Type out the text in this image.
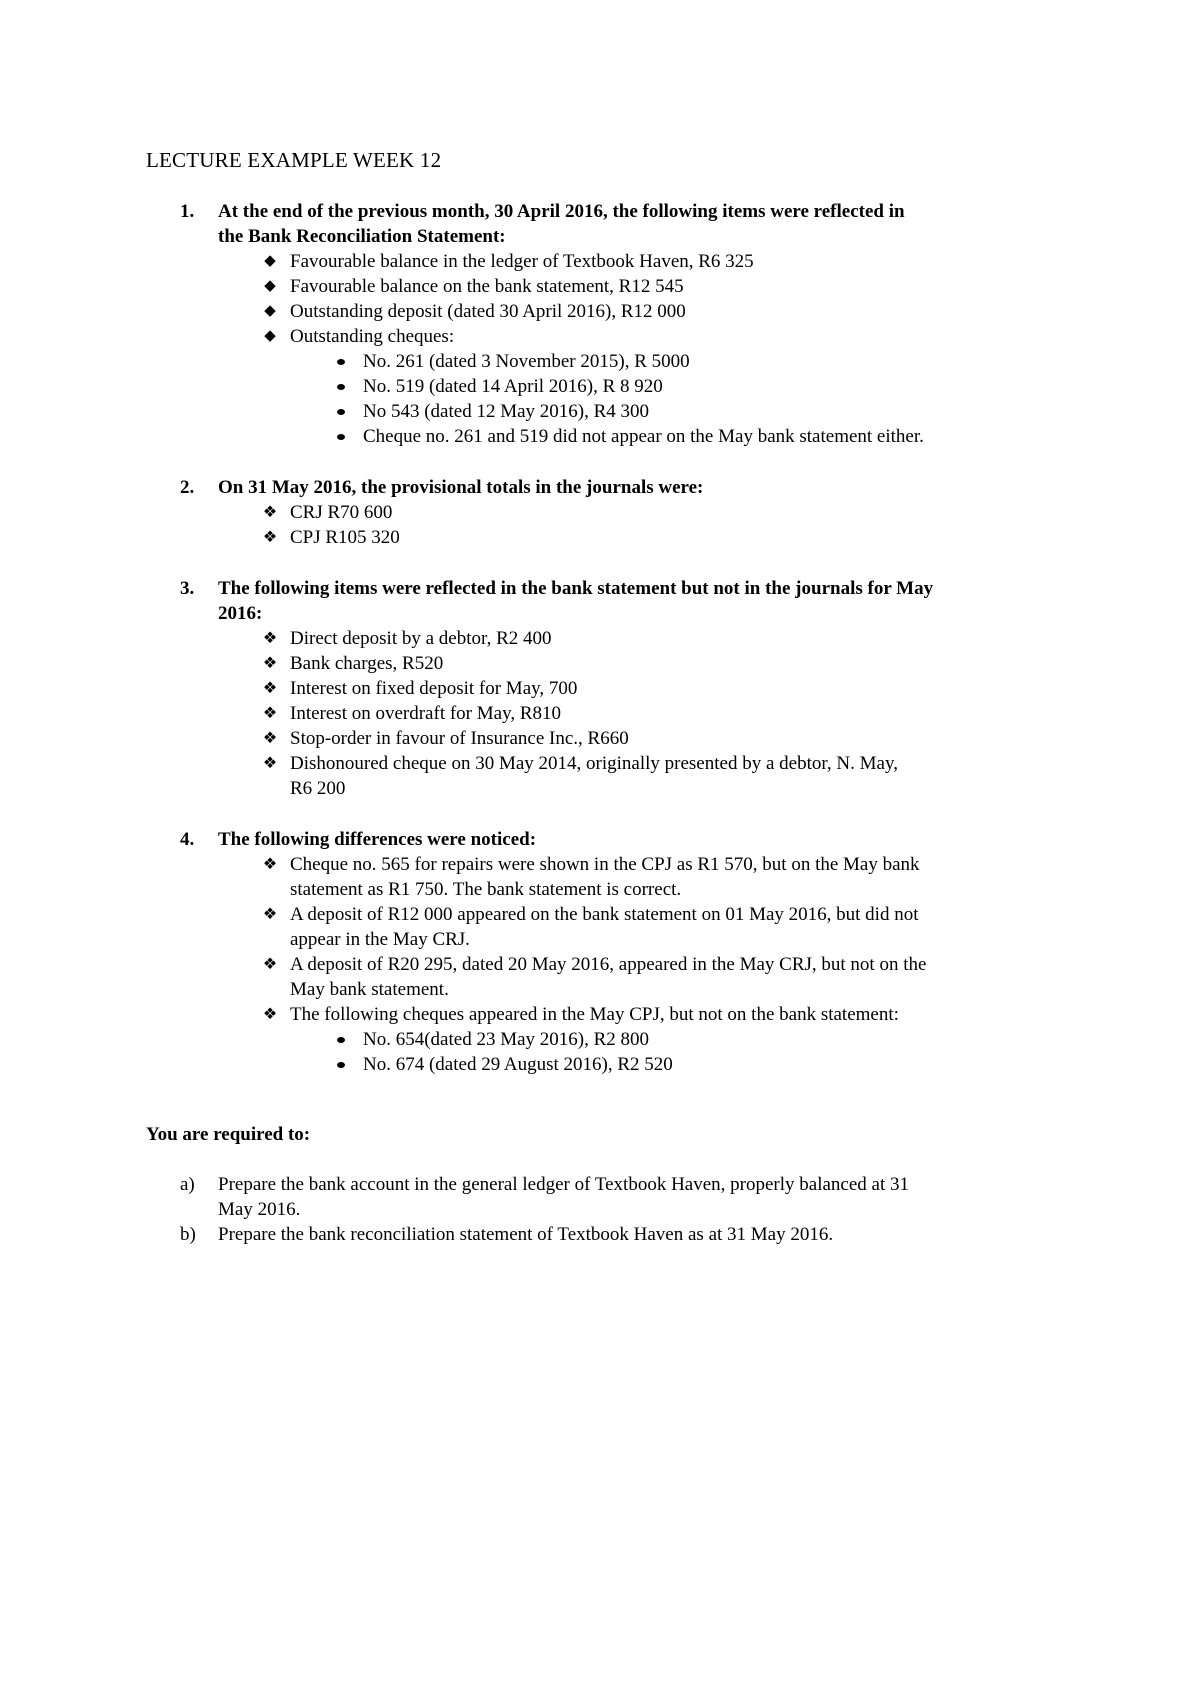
LECTURE EXAMPLE WEEK 12
1. At the end of the previous month, 30 April 2016, the following items were reflected in
the Bank Reconciliation Statement:
◆ Favourable balance in the ledger of Textbook Haven, R6 325
◆ Favourable balance on the bank statement, R12 545
◆ Outstanding deposit (dated 30 April 2016), R12 000
◆ Outstanding cheques:
No. 261 (dated 3 November 2015), R 5000
No. 519 (dated 14 April 2016), R 8 920
No 543 (dated 12 May 2016), R4 300
Cheque no. 261 and 519 did not appear on the May bank statement either.
2. On 31 May 2016, the provisional totals in the journals were:
❖ CRJ R70 600
❖ CPJ R105 320
3. The following items were reflected in the bank statement but not in the journals for May
2016:
❖ Direct deposit by a debtor, R2 400
❖ Bank charges, R520
❖ Interest on fixed deposit for May, 700
❖ Interest on overdraft for May, R810
❖ Stop-order in favour of Insurance Inc., R660
❖ Dishonoured cheque on 30 May 2014, originally presented by a debtor, N. May,
R6 200
4. The following differences were noticed:
❖ Cheque no. 565 for repairs were shown in the CPJ as R1 570, but on the May bank
statement as R1 750. The bank statement is correct.
❖ A deposit of R12 000 appeared on the bank statement on 01 May 2016, but did not
appear in the May CRJ.
❖ A deposit of R20 295, dated 20 May 2016, appeared in the May CRJ, but not on the
May bank statement.
❖ The following cheques appeared in the May CPJ, but not on the bank statement:
No. 654(dated 23 May 2016), R2 800
No. 674 (dated 29 August 2016), R2 520
You are required to:
a) Prepare the bank account in the general ledger of Textbook Haven, properly balanced at 31
May 2016.
b) Prepare the bank reconciliation statement of Textbook Haven as at 31 May 2016.
